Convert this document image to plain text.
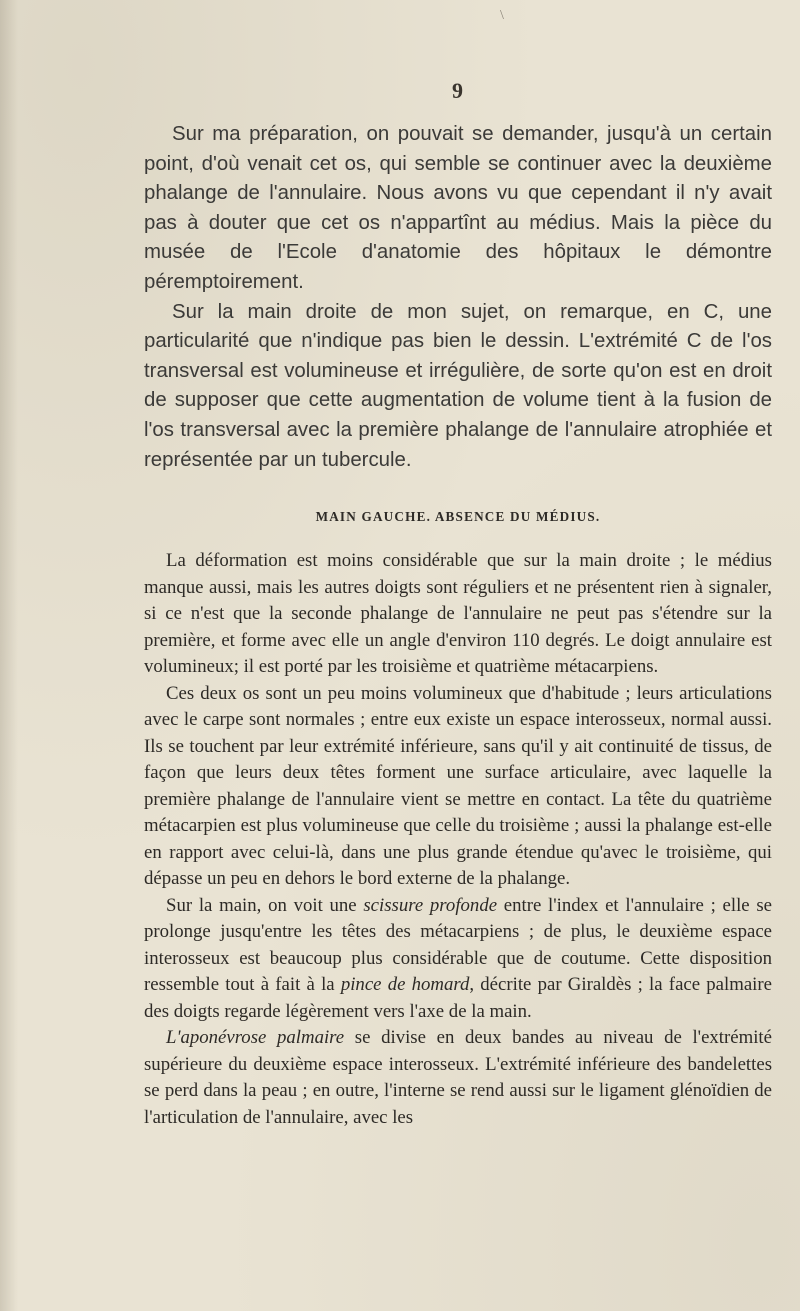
\
9

Sur ma préparation, on pouvait se demander, jusqu'à un certain point, d'où venait cet os, qui semble se continuer avec la deuxième phalange de l'annulaire. Nous avons vu que cependant il n'y avait pas à douter que cet os n'appartînt au médius. Mais la pièce du musée de l'Ecole d'anatomie des hôpitaux le démontre péremptoirement.

Sur la main droite de mon sujet, on remarque, en C, une particularité que n'indique pas bien le dessin. L'extrémité C de l'os transversal est volumineuse et irrégulière, de sorte qu'on est en droit de supposer que cette augmentation de volume tient à la fusion de l'os transversal avec la première phalange de l'annulaire atrophiée et représentée par un tubercule.

MAIN GAUCHE. ABSENCE DU MÉDIUS.

La déformation est moins considérable que sur la main droite ; le médius manque aussi, mais les autres doigts sont réguliers et ne présentent rien à signaler, si ce n'est que la seconde phalange de l'annulaire ne peut pas s'étendre sur la première, et forme avec elle un angle d'environ 110 degrés. Le doigt annulaire est volumineux; il est porté par les troisième et quatrième métacarpiens.

Ces deux os sont un peu moins volumineux que d'habitude ; leurs articulations avec le carpe sont normales ; entre eux existe un espace interosseux, normal aussi. Ils se touchent par leur extrémité inférieure, sans qu'il y ait continuité de tissus, de façon que leurs deux têtes forment une surface articulaire, avec laquelle la première phalange de l'annulaire vient se mettre en contact. La tête du quatrième métacarpien est plus volumineuse que celle du troisième ; aussi la phalange est-elle en rapport avec celui-là, dans une plus grande étendue qu'avec le troisième, qui dépasse un peu en dehors le bord externe de la phalange.

Sur la main, on voit une scissure profonde entre l'index et l'annulaire ; elle se prolonge jusqu'entre les têtes des métacarpiens ; de plus, le deuxième espace interosseux est beaucoup plus considérable que de coutume. Cette disposition ressemble tout à fait à la pince de homard, décrite par Giraldès ; la face palmaire des doigts regarde légèrement vers l'axe de la main.

L'aponévrose palmaire se divise en deux bandes au niveau de l'extrémité supérieure du deuxième espace interosseux. L'extrémité inférieure des bandelettes se perd dans la peau ; en outre, l'interne se rend aussi sur le ligament glénoïdien de l'articulation de l'annulaire, avec les
